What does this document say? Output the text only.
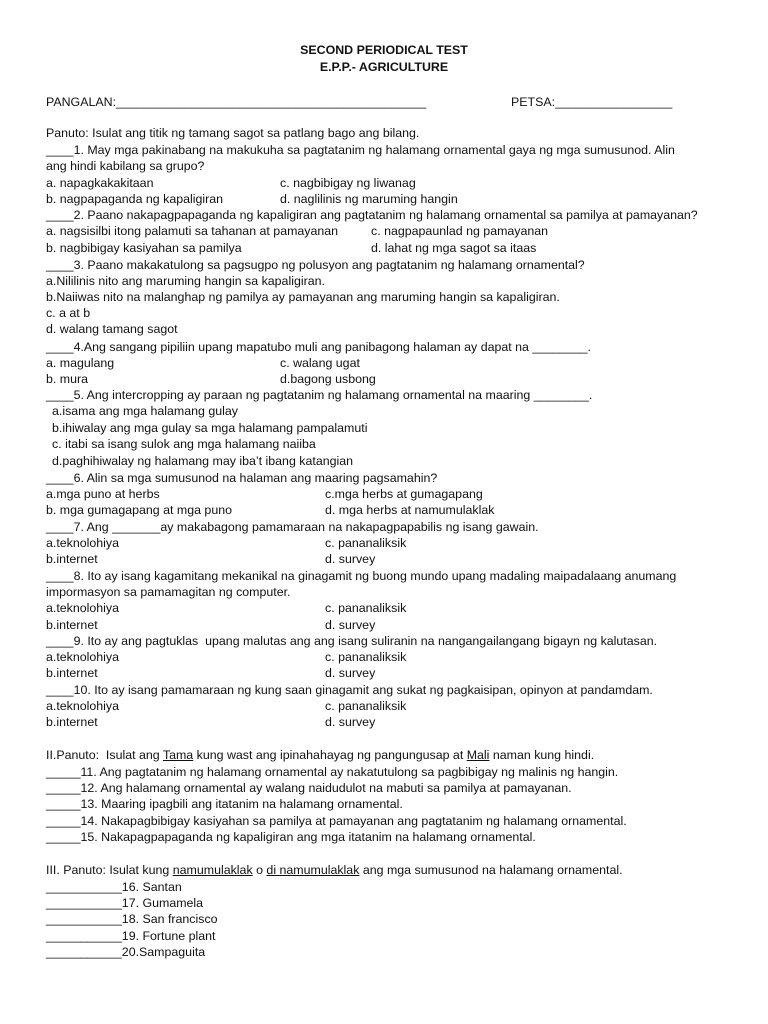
SECOND PERIODICAL TEST
E.P.P.- AGRICULTURE
PANGALAN:_____________________________________________	PETSA:_________________
Panuto: Isulat ang titik ng tamang sagot sa patlang bago ang bilang.
____1. May mga pakinabang na makukuha sa pagtatanim ng halamang ornamental gaya ng mga sumusunod. Alin
ang hindi kabilang sa grupo?
a. napagkakakitaan	c. nagbibigay ng liwanag
b. nagpapaganda ng kapaligiran	d. naglilinis ng maruming hangin
____2. Paano nakapagpapaganda ng kapaligiran ang pagtatanim ng halamang ornamental sa pamilya at pamayanan?
a. nagsisilbi itong palamuti sa tahanan at pamayanan	c. nagpapaunlad ng pamayanan
b. nagbibigay kasiyahan sa pamilya	d. lahat ng mga sagot sa itaas
____3. Paano makakatulong sa pagsugpo ng polusyon ang pagtatanim ng halamang ornamental?
a.Nililinis nito ang maruming hangin sa kapaligiran.
b.Naiiwas nito na malanghap ng pamilya ay pamayanan ang maruming hangin sa kapaligiran.
c. a at b
d. walang tamang sagot
____4.Ang sangang pipiliin upang mapatubo muli ang panibagong halaman ay dapat na ________.
a. magulang	c. walang ugat
b. mura	d.bagong usbong
____5. Ang intercropping ay paraan ng pagtatanim ng halamang ornamental na maaring ________.
a.isama ang mga halamang gulay
b.ihiwalay ang mga gulay sa mga halamang pampalamuti
c. itabi sa isang sulok ang mga halamang naiiba
d.paghihiwalay ng halamang may iba’t ibang katangian
____6. Alin sa mga sumusunod na halaman ang maaring pagsamahin?
a.mga puno at herbs	c.mga herbs at gumagapang
b. mga gumagapang at mga puno	d. mga herbs at namumulaklak
____7. Ang _______ay makabagong pamamaraan na nakapagpapabilis ng isang gawain.
a.teknolohiya	c. pananaliksik
b.internet	d. survey
____8. Ito ay isang kagamitang mekanikal na ginagamit ng buong mundo upang madaling maipadalaang anumang
impormasyon sa pamamagitan ng computer.
a.teknolohiya	c. pananaliksik
b.internet	d. survey
____9. Ito ay ang pagtuklas  upang malutas ang ang isang suliranin na nangangailangang bigayn ng kalutasan.
a.teknolohiya	c. pananaliksik
b.internet	d. survey
____10. Ito ay isang pamamaraan ng kung saan ginagamit ang sukat ng pagkaisipan, opinyon at pandamdam.
a.teknolohiya	c. pananaliksik
b.internet	d. survey
II.Panuto:  Isulat ang Tama kung wast ang ipinahahayag ng pangungusap at Mali naman kung hindi.
_____11. Ang pagtatanim ng halamang ornamental ay nakatutulong sa pagbibigay ng malinis ng hangin.
_____12. Ang halamang ornamental ay walang naidudulot na mabuti sa pamilya at pamayanan.
_____13. Maaring ipagbili ang itatanim na halamang ornamental.
_____14. Nakapagbibigay kasiyahan sa pamilya at pamayanan ang pagtatanim ng halamang ornamental.
_____15. Nakapagpapaganda ng kapaligiran ang mga itatanim na halamang ornamental.
III. Panuto: Isulat kung namumulaklak o di namumulaklak ang mga sumusunod na halamang ornamental.
___________16. Santan
___________17. Gumamela
___________18. San francisco
___________19. Fortune plant
___________20.Sampaguita
